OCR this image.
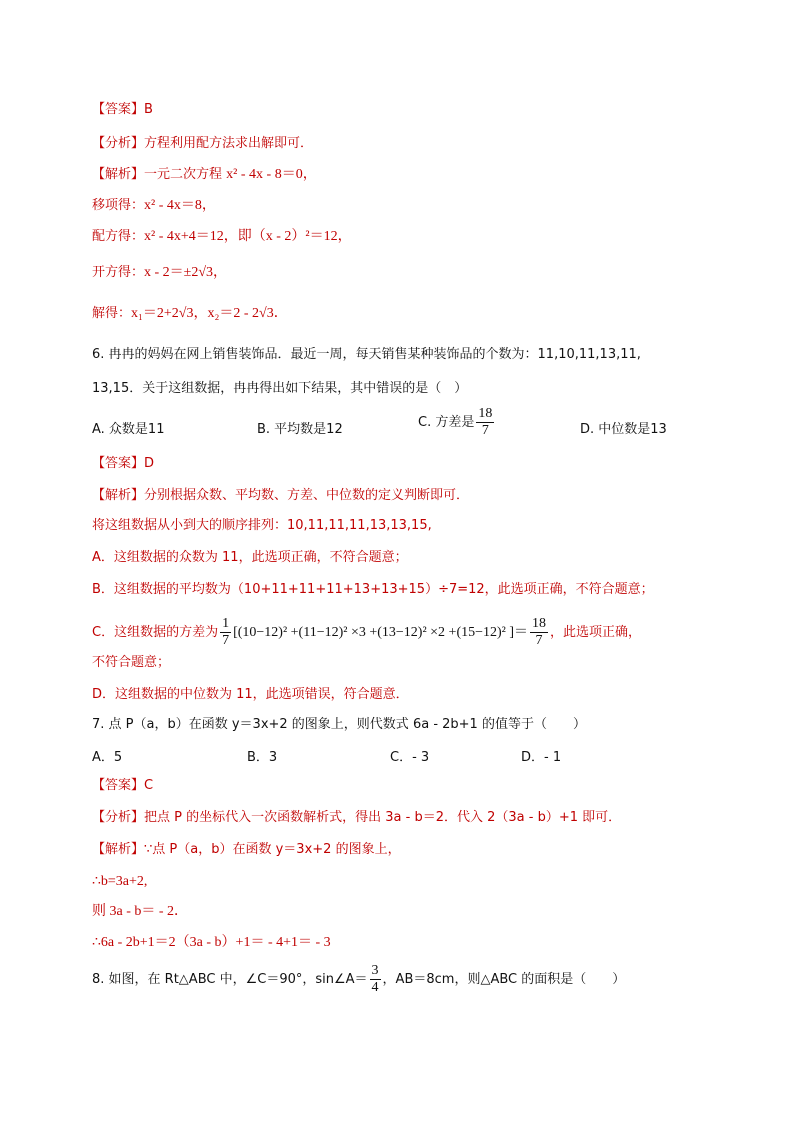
【答案】B
【分析】方程利用配方法求出解即可．
【解析】一元二次方程 x² - 4x - 8＝0，
移项得：x² - 4x＝8，
配方得：x² - 4x+4＝12，即（x - 2）²＝12，
开方得：x - 2＝±2√3，
解得：x₁＝2+2√3，x₂＝2 - 2√3．
6. 冉冉的妈妈在网上销售装饰品．最近一周，每天销售某种装饰品的个数为：11,10,11,13,11,
13,15．关于这组数据，冉冉得出如下结果，其中错误的是（　）
A. 众数是11	B. 平均数是12	C. 方差是 $\frac{18}{7}$	D. 中位数是13
【答案】D
【解析】分别根据众数、平均数、方差、中位数的定义判断即可．
将这组数据从小到大的顺序排列：10,11,11,11,13,13,15,
A．这组数据的众数为 11，此选项正确，不符合题意；
B．这组数据的平均数为（10+11+11+11+13+13+15）÷7=12，此选项正确，不符合题意；
C．这组数据的方差为 $\frac{1}{7} [(10-12)^2 +(11-12)^2 \times 3 +(13-12)^2 \times 2 +(15-12)^2$ ]＝ $\frac{18}{7}$ ，此选项正确，
不符合题意；
D．这组数据的中位数为 11，此选项错误，符合题意．
7. 点 P（a，b）在函数 y＝3x+2 的图象上，则代数式 6a - 2b+1 的值等于（　　）
A．5	B．3	C．- 3	D．- 1
【答案】C
【分析】把点 P 的坐标代入一次函数解析式，得出 3a - b＝2．代入 2（3a - b）+1 即可．
【解析】∵点 P（a，b）在函数 y＝3x+2 的图象上，
∴b=3a+2,
则 3a - b＝ - 2．
∴6a - 2b+1＝2（3a - b）+1＝ - 4+1＝ - 3
8. 如图，在 Rt△ABC 中，∠C＝90°，sin∠A＝ $\frac{3}{4}$ ，AB＝8cm，则△ABC 的面积是（　　）
